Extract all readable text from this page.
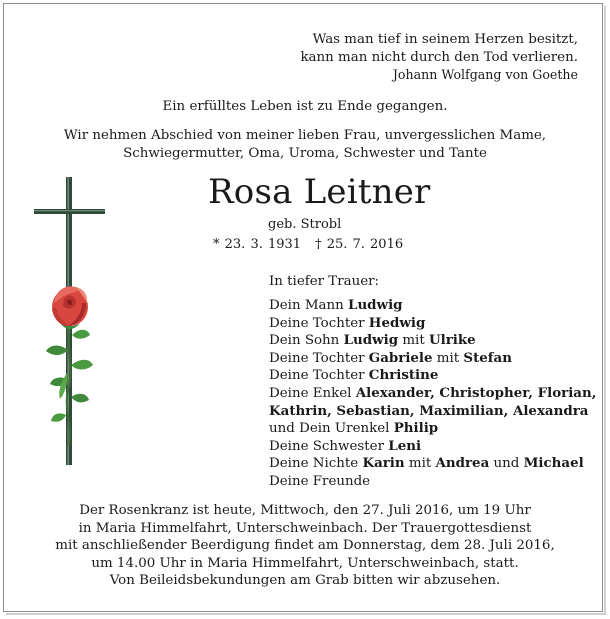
Was man tief in seinem Herzen besitzt,
kann man nicht durch den Tod verlieren.
Johann Wolfgang von Goethe
Ein erfülltes Leben ist zu Ende gegangen.
Wir nehmen Abschied von meiner lieben Frau, unvergesslichen Mame,
Schwiegermutter, Oma, Uroma, Schwester und Tante
Rosa Leitner
geb. Strobl
* 23. 3. 1931 † 25. 7. 2016
In tiefer Trauer:
Dein Mann Ludwig
Deine Tochter Hedwig
Dein Sohn Ludwig mit Ulrike
Deine Tochter Gabriele mit Stefan
Deine Tochter Christine
Deine Enkel Alexander, Christopher, Florian,
Kathrin, Sebastian, Maximilian, Alexandra
und Dein Urenkel Philip
Deine Schwester Leni
Deine Nichte Karin mit Andrea und Michael
Deine Freunde
Der Rosenkranz ist heute, Mittwoch, den 27. Juli 2016, um 19 Uhr
in Maria Himmelfahrt, Unterschweinbach. Der Trauergottesdienst
mit anschließender Beerdigung findet am Donnerstag, dem 28. Juli 2016,
um 14.00 Uhr in Maria Himmelfahrt, Unterschweinbach, statt.
Von Beileidsbekundungen am Grab bitten wir abzusehen.
